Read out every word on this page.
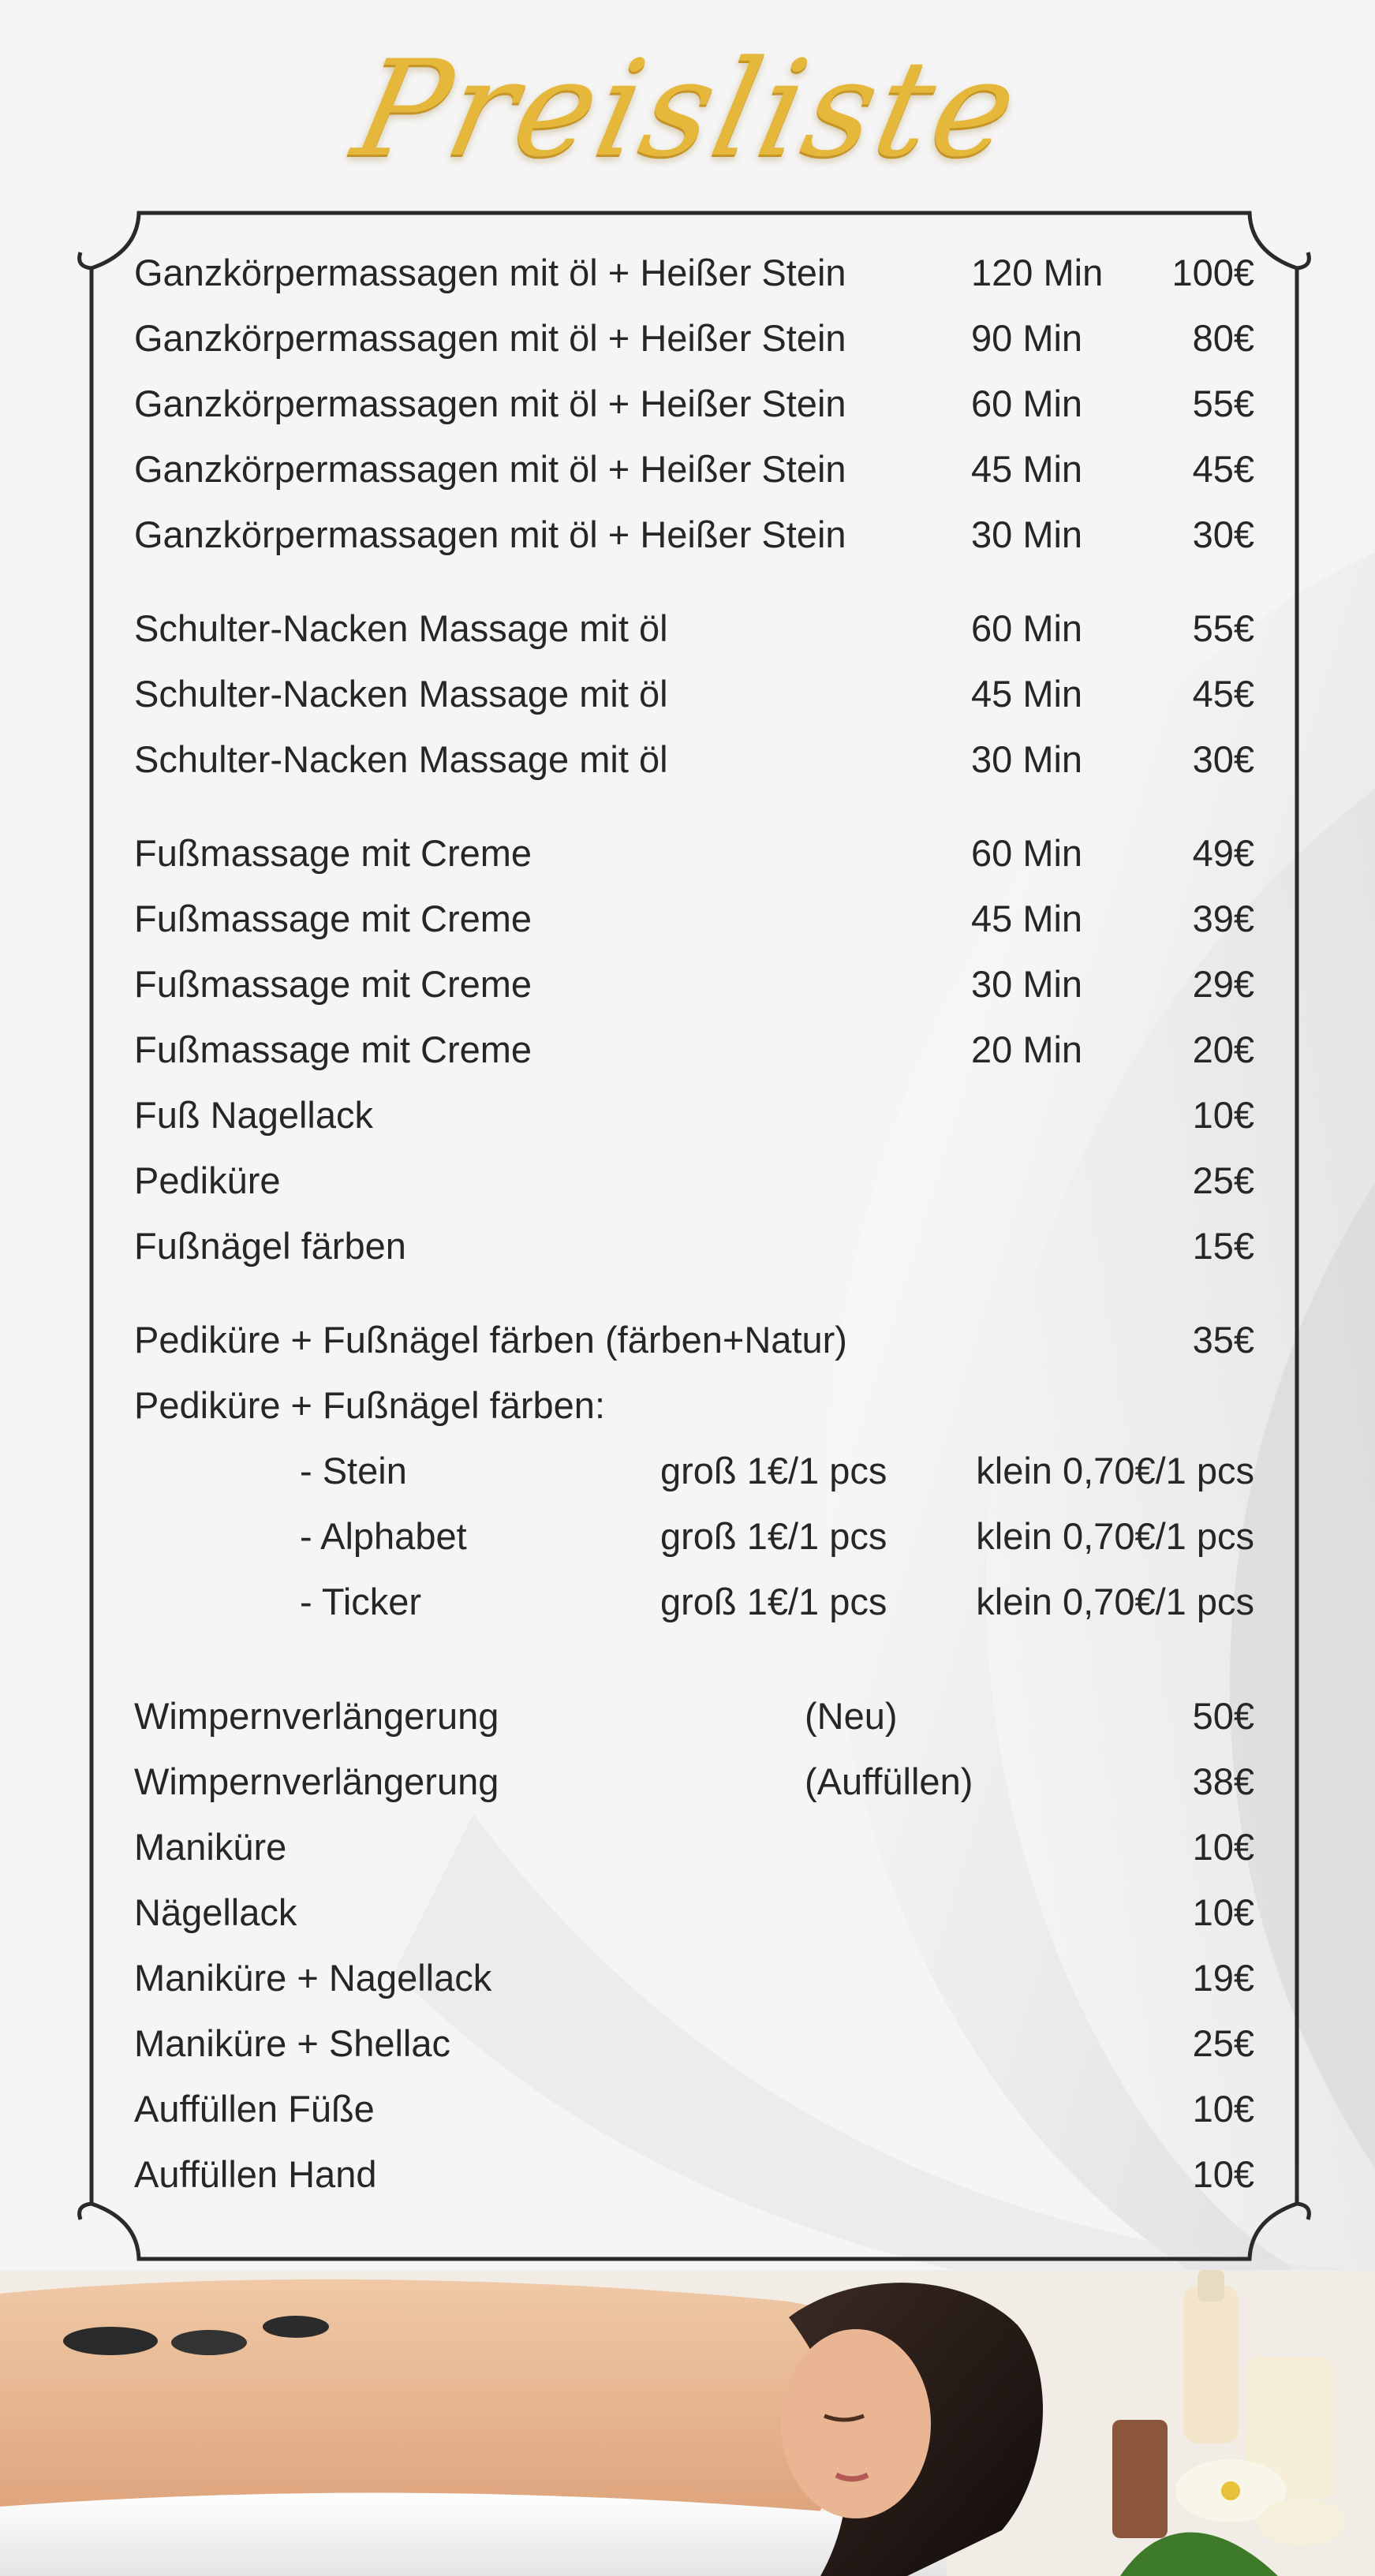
Preisliste
Ganzkörpermassagen mit öl + Heißer Stein	120 Min 100€
Ganzkörpermassagen mit öl + Heißer Stein	90 Min	80€
Ganzkörpermassagen mit öl + Heißer Stein	60 Min	55€
Ganzkörpermassagen mit öl + Heißer Stein	45 Min	45€
Ganzkörpermassagen mit öl + Heißer Stein	30 Min	30€
Schulter-Nacken Massage mit öl	60 Min	55€
Schulter-Nacken Massage mit öl	45 Min	45€
Schulter-Nacken Massage mit öl	30 Min	30€
Fußmassage mit Creme	60 Min	49€
Fußmassage mit Creme	45 Min	39€
Fußmassage mit Creme	30 Min	29€
Fußmassage mit Creme	20 Min	20€
Fuß Nagellack	10€
Pediküre	25€
Fußnägel färben	15€
Pediküre + Fußnägel färben (färben+Natur)	35€
Pediküre + Fußnägel färben:
- Stein	groß 1€/1 pcs klein 0,70€/1 pcs
- Alphabet	groß 1€/1 pcs klein 0,70€/1 pcs
- Ticker	groß 1€/1 pcs klein 0,70€/1 pcs
Wimpernverlängerung	(Neu)	50€
Wimpernverlängerung	(Auffüllen)	38€
Maniküre	10€
Nägellack	10€
Maniküre + Nagellack	19€
Maniküre + Shellac	25€
Auffüllen Füße	10€
Auffüllen Hand	10€
